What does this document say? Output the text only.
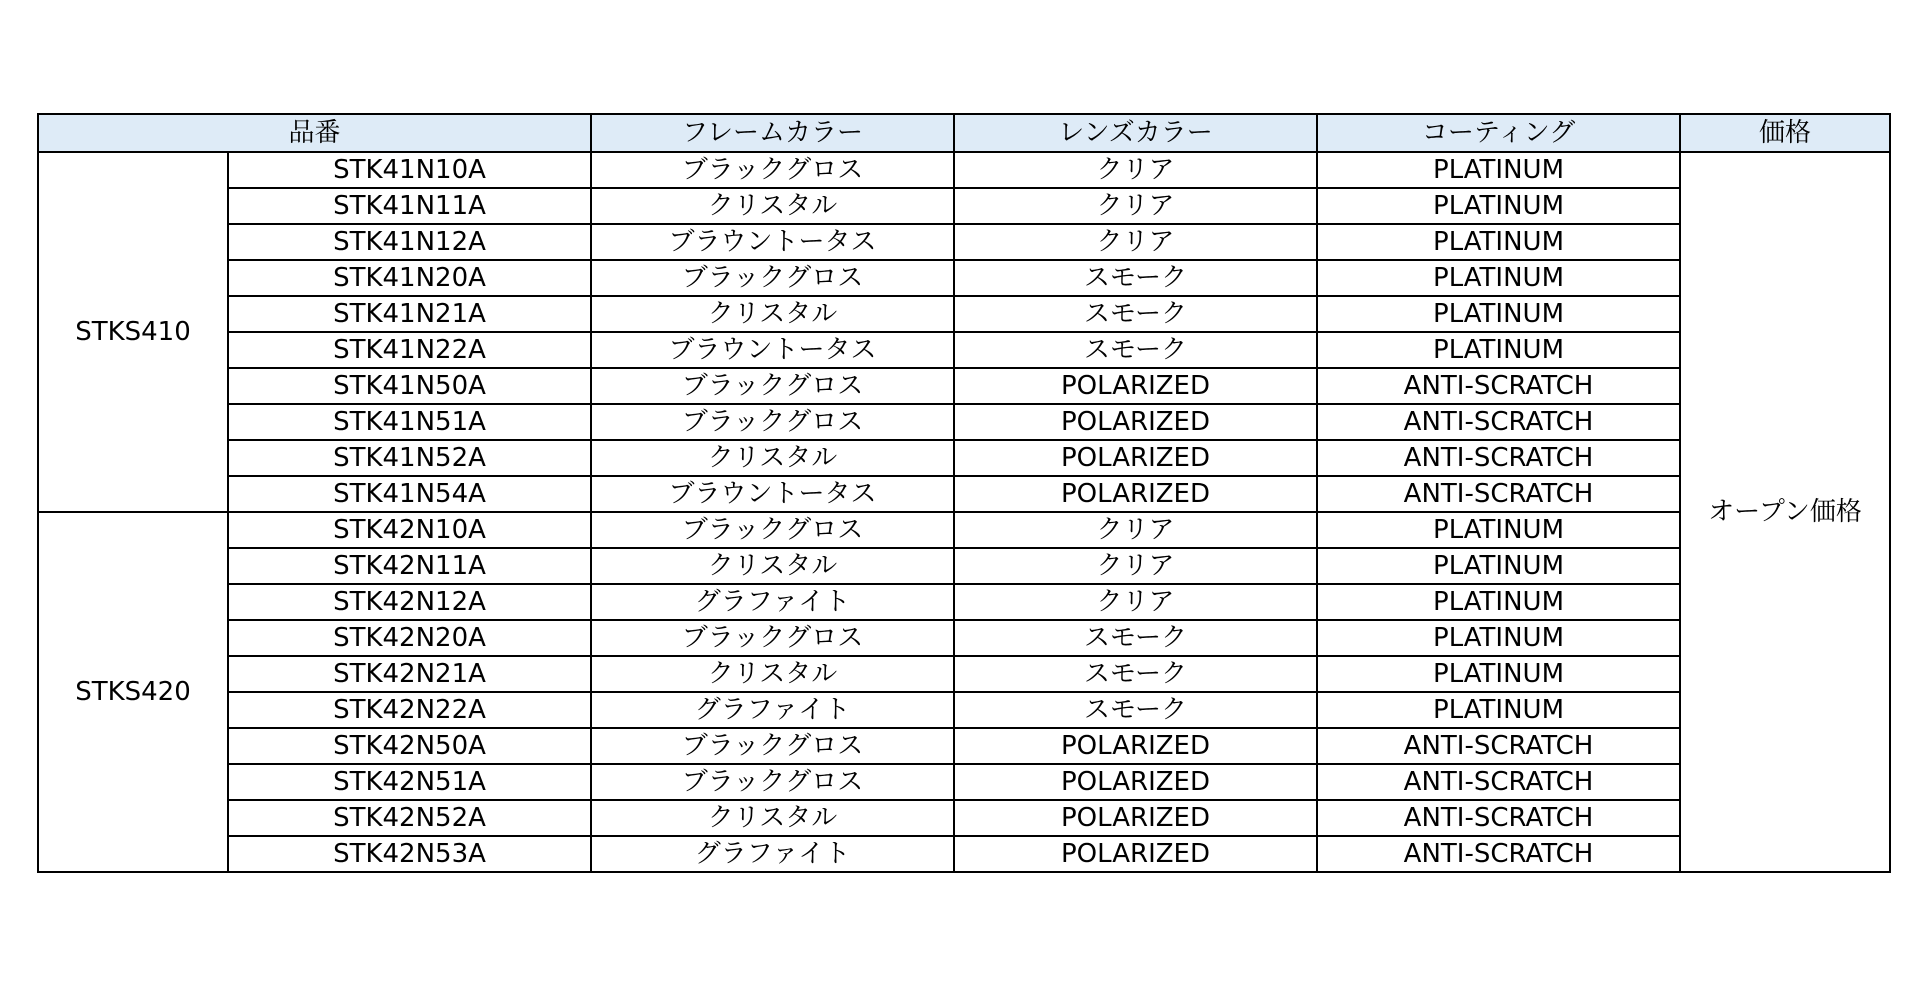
品番		フレームカラー	レンズカラー	コーティング	価格
STKS410	STK41N10A	ブラックグロス	クリア	PLATINUM	オープン価格
	STK41N11A	クリスタル	クリア	PLATINUM	
	STK41N12A	ブラウントータス	クリア	PLATINUM	
	STK41N20A	ブラックグロス	スモーク	PLATINUM	
	STK41N21A	クリスタル	スモーク	PLATINUM	
	STK41N22A	ブラウントータス	スモーク	PLATINUM	
	STK41N50A	ブラックグロス	POLARIZED	ANTI-SCRATCH	
	STK41N51A	ブラックグロス	POLARIZED	ANTI-SCRATCH	
	STK41N52A	クリスタル	POLARIZED	ANTI-SCRATCH	
	STK41N54A	ブラウントータス	POLARIZED	ANTI-SCRATCH	
STKS420	STK42N10A	ブラックグロス	クリア	PLATINUM	
	STK42N11A	クリスタル	クリア	PLATINUM	
	STK42N12A	グラファイト	クリア	PLATINUM	
	STK42N20A	ブラックグロス	スモーク	PLATINUM	
	STK42N21A	クリスタル	スモーク	PLATINUM	
	STK42N22A	グラファイト	スモーク	PLATINUM	
	STK42N50A	ブラックグロス	POLARIZED	ANTI-SCRATCH	
	STK42N51A	ブラックグロス	POLARIZED	ANTI-SCRATCH	
	STK42N52A	クリスタル	POLARIZED	ANTI-SCRATCH	
	STK42N53A	グラファイト	POLARIZED	ANTI-SCRATCH	
